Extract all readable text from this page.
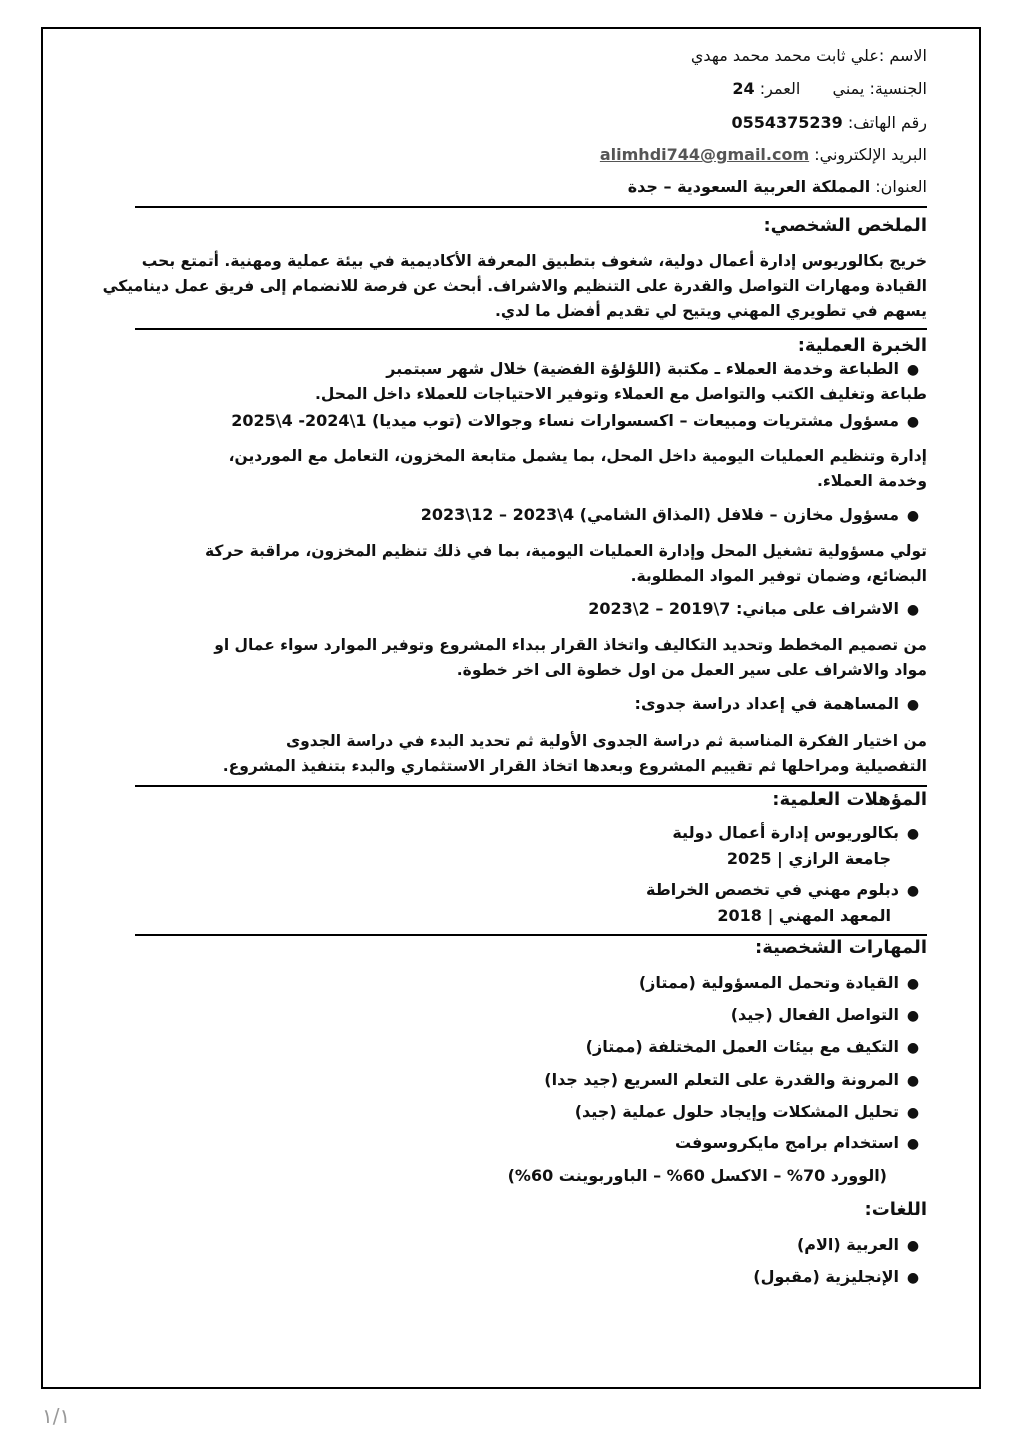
الاسم :علي ثابت محمد محمد مهدي
الجنسية: يمني  العمر: 24
رقم الهاتف: 0554375239
البريد الإلكتروني: alimhdi744@gmail.com
العنوان: المملكة العربية السعودية – جدة
الملخص الشخصي:
خريج بكالوريوس إدارة أعمال دولية، شغوف بتطبيق المعرفة الأكاديمية في بيئة عملية ومهنية. أتمتع بحب
القيادة ومهارات التواصل والقدرة على التنظيم والاشراف. أبحث عن فرصة للانضمام إلى فريق عمل ديناميكي
يسهم في تطويري المهني ويتيح لي تقديم أفضل ما لدي.
الخبرة العملية:
●الطباعة وخدمة العملاء ـ مكتبة (اللؤلؤة الفضية) خلال شهر سبتمبر
طباعة وتغليف الكتب والتواصل مع العملاء وتوفير الاحتياجات للعملاء داخل المحل.
●مسؤول مشتريات ومبيعات – اكسسوارات نساء وجوالات (توب ميديا) 1\2024- 4\2025
إدارة وتنظيم العمليات اليومية داخل المحل، بما يشمل متابعة المخزون، التعامل مع الموردين،
وخدمة العملاء.
●مسؤول مخازن – فلافل (المذاق الشامي) 4\2023 – 12\2023
تولي مسؤولية تشغيل المحل وإدارة العمليات اليومية، بما في ذلك تنظيم المخزون، مراقبة حركة
البضائع، وضمان توفير المواد المطلوبة.
●الاشراف على مباني: 7\2019 – 2\2023
من تصميم المخطط وتحديد التكاليف واتخاذ القرار ببداء المشروع وتوفير الموارد سواء عمال او
مواد والاشراف على سير العمل من اول خطوة الى اخر خطوة.
●المساهمة في إعداد دراسة جدوى:
من اختيار الفكرة المناسبة ثم دراسة الجدوى الأولية ثم تحديد البدء في دراسة الجدوى
التفصيلية ومراحلها ثم تقييم المشروع وبعدها اتخاذ القرار الاستثماري والبدء بتنفيذ المشروع.
المؤهلات العلمية:
●بكالوريوس إدارة أعمال دولية
جامعة الرازي | 2025
●دبلوم مهني في تخصص الخراطة
المعهد المهني | 2018
المهارات الشخصية:
●القيادة وتحمل المسؤولية (ممتاز)
●التواصل الفعال (جيد)
●التكيف مع بيئات العمل المختلفة (ممتاز)
●المرونة والقدرة على التعلم السريع (جيد جدا)
●تحليل المشكلات وإيجاد حلول عملية (جيد)
●استخدام برامج مايكروسوفت
(الوورد 70% – الاكسل 60% – الباوربوينت 60%)
اللغات:
●العربية (الام)
●الإنجليزية (مقبول)
١/١
